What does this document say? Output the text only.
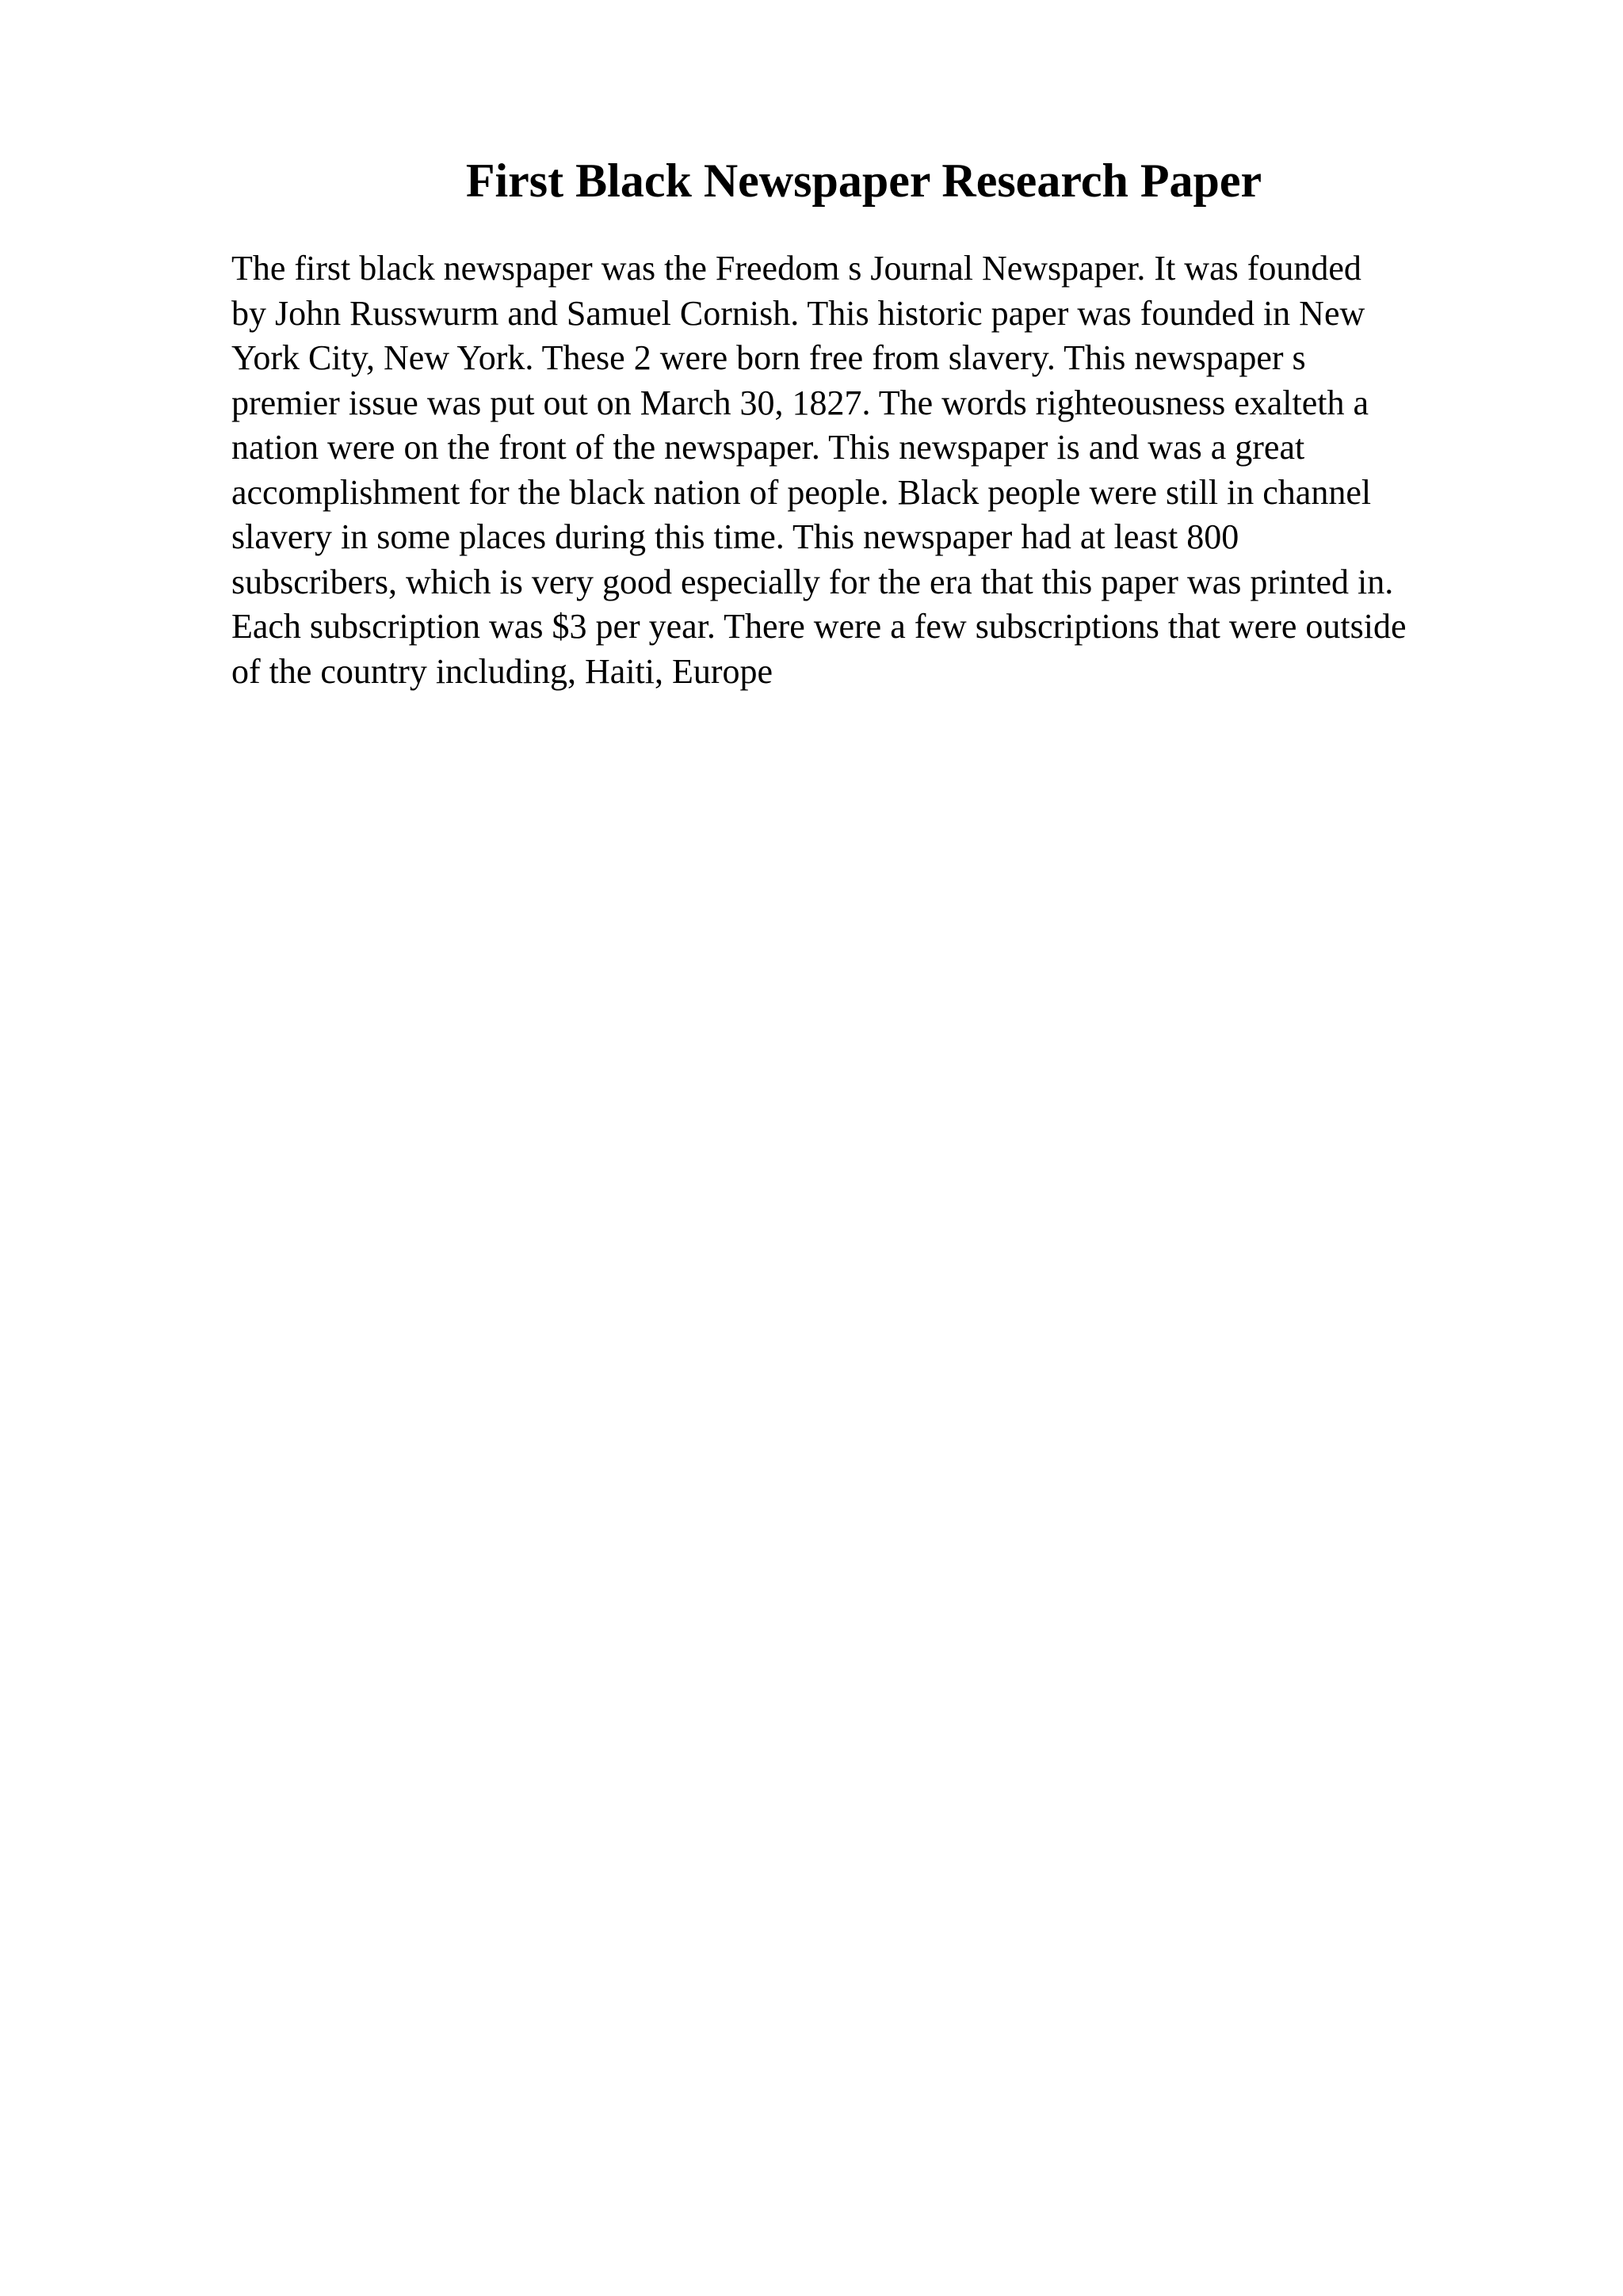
First Black Newspaper Research Paper
The first black newspaper was the Freedom s Journal Newspaper. It was founded
by John Russwurm and Samuel Cornish. This historic paper was founded in New
York City, New York. These 2 were born free from slavery. This newspaper s
premier issue was put out on March 30, 1827. The words righteousness exalteth a
nation were on the front of the newspaper. This newspaper is and was a great
accomplishment for the black nation of people. Black people were still in channel
slavery in some places during this time. This newspaper had at least 800
subscribers, which is very good especially for the era that this paper was printed in.
Each subscription was $3 per year. There were a few subscriptions that were outside
of the country including, Haiti, Europe
